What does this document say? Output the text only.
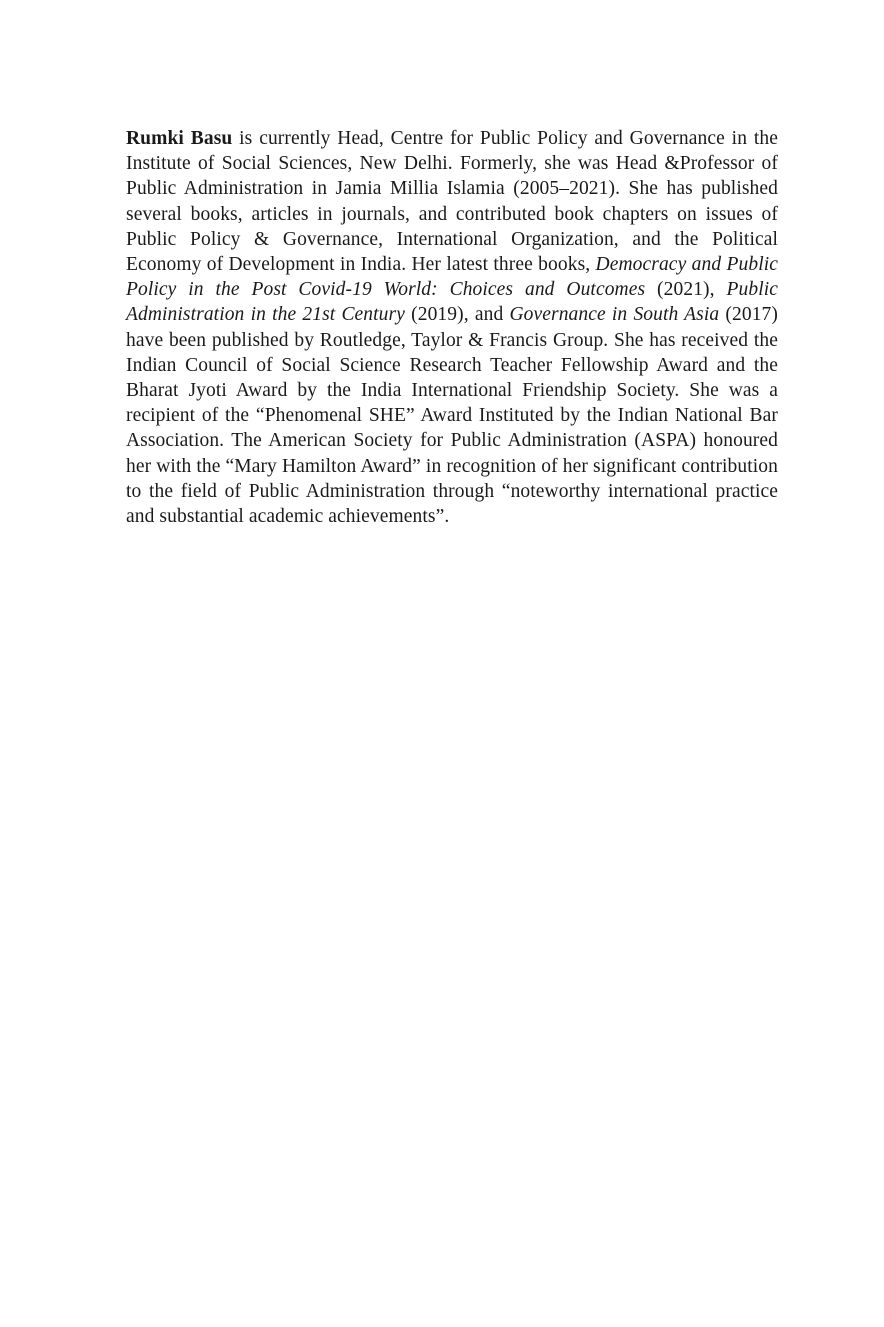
Rumki Basu is currently Head, Centre for Public Policy and Governance in the Institute of Social Sciences, New Delhi. Formerly, she was Head &Professor of Public Administration in Jamia Millia Islamia (2005–2021). She has published several books, articles in journals, and contributed book chapters on issues of Public Policy & Governance, International Organization, and the Political Economy of Development in India. Her latest three books, Democracy and Public Policy in the Post Covid-19 World: Choices and Outcomes (2021), Public Administration in the 21st Century (2019), and Governance in South Asia (2017) have been published by Routledge, Taylor & Francis Group. She has received the Indian Council of Social Science Research Teacher Fellowship Award and the Bharat Jyoti Award by the India International Friendship Society. She was a recipient of the “Phenomenal SHE” Award Instituted by the Indian National Bar Association. The American Society for Public Administration (ASPA) honoured her with the “Mary Hamilton Award” in recognition of her significant contribution to the field of Public Administration through “noteworthy international practice and substantial academic achievements”.
